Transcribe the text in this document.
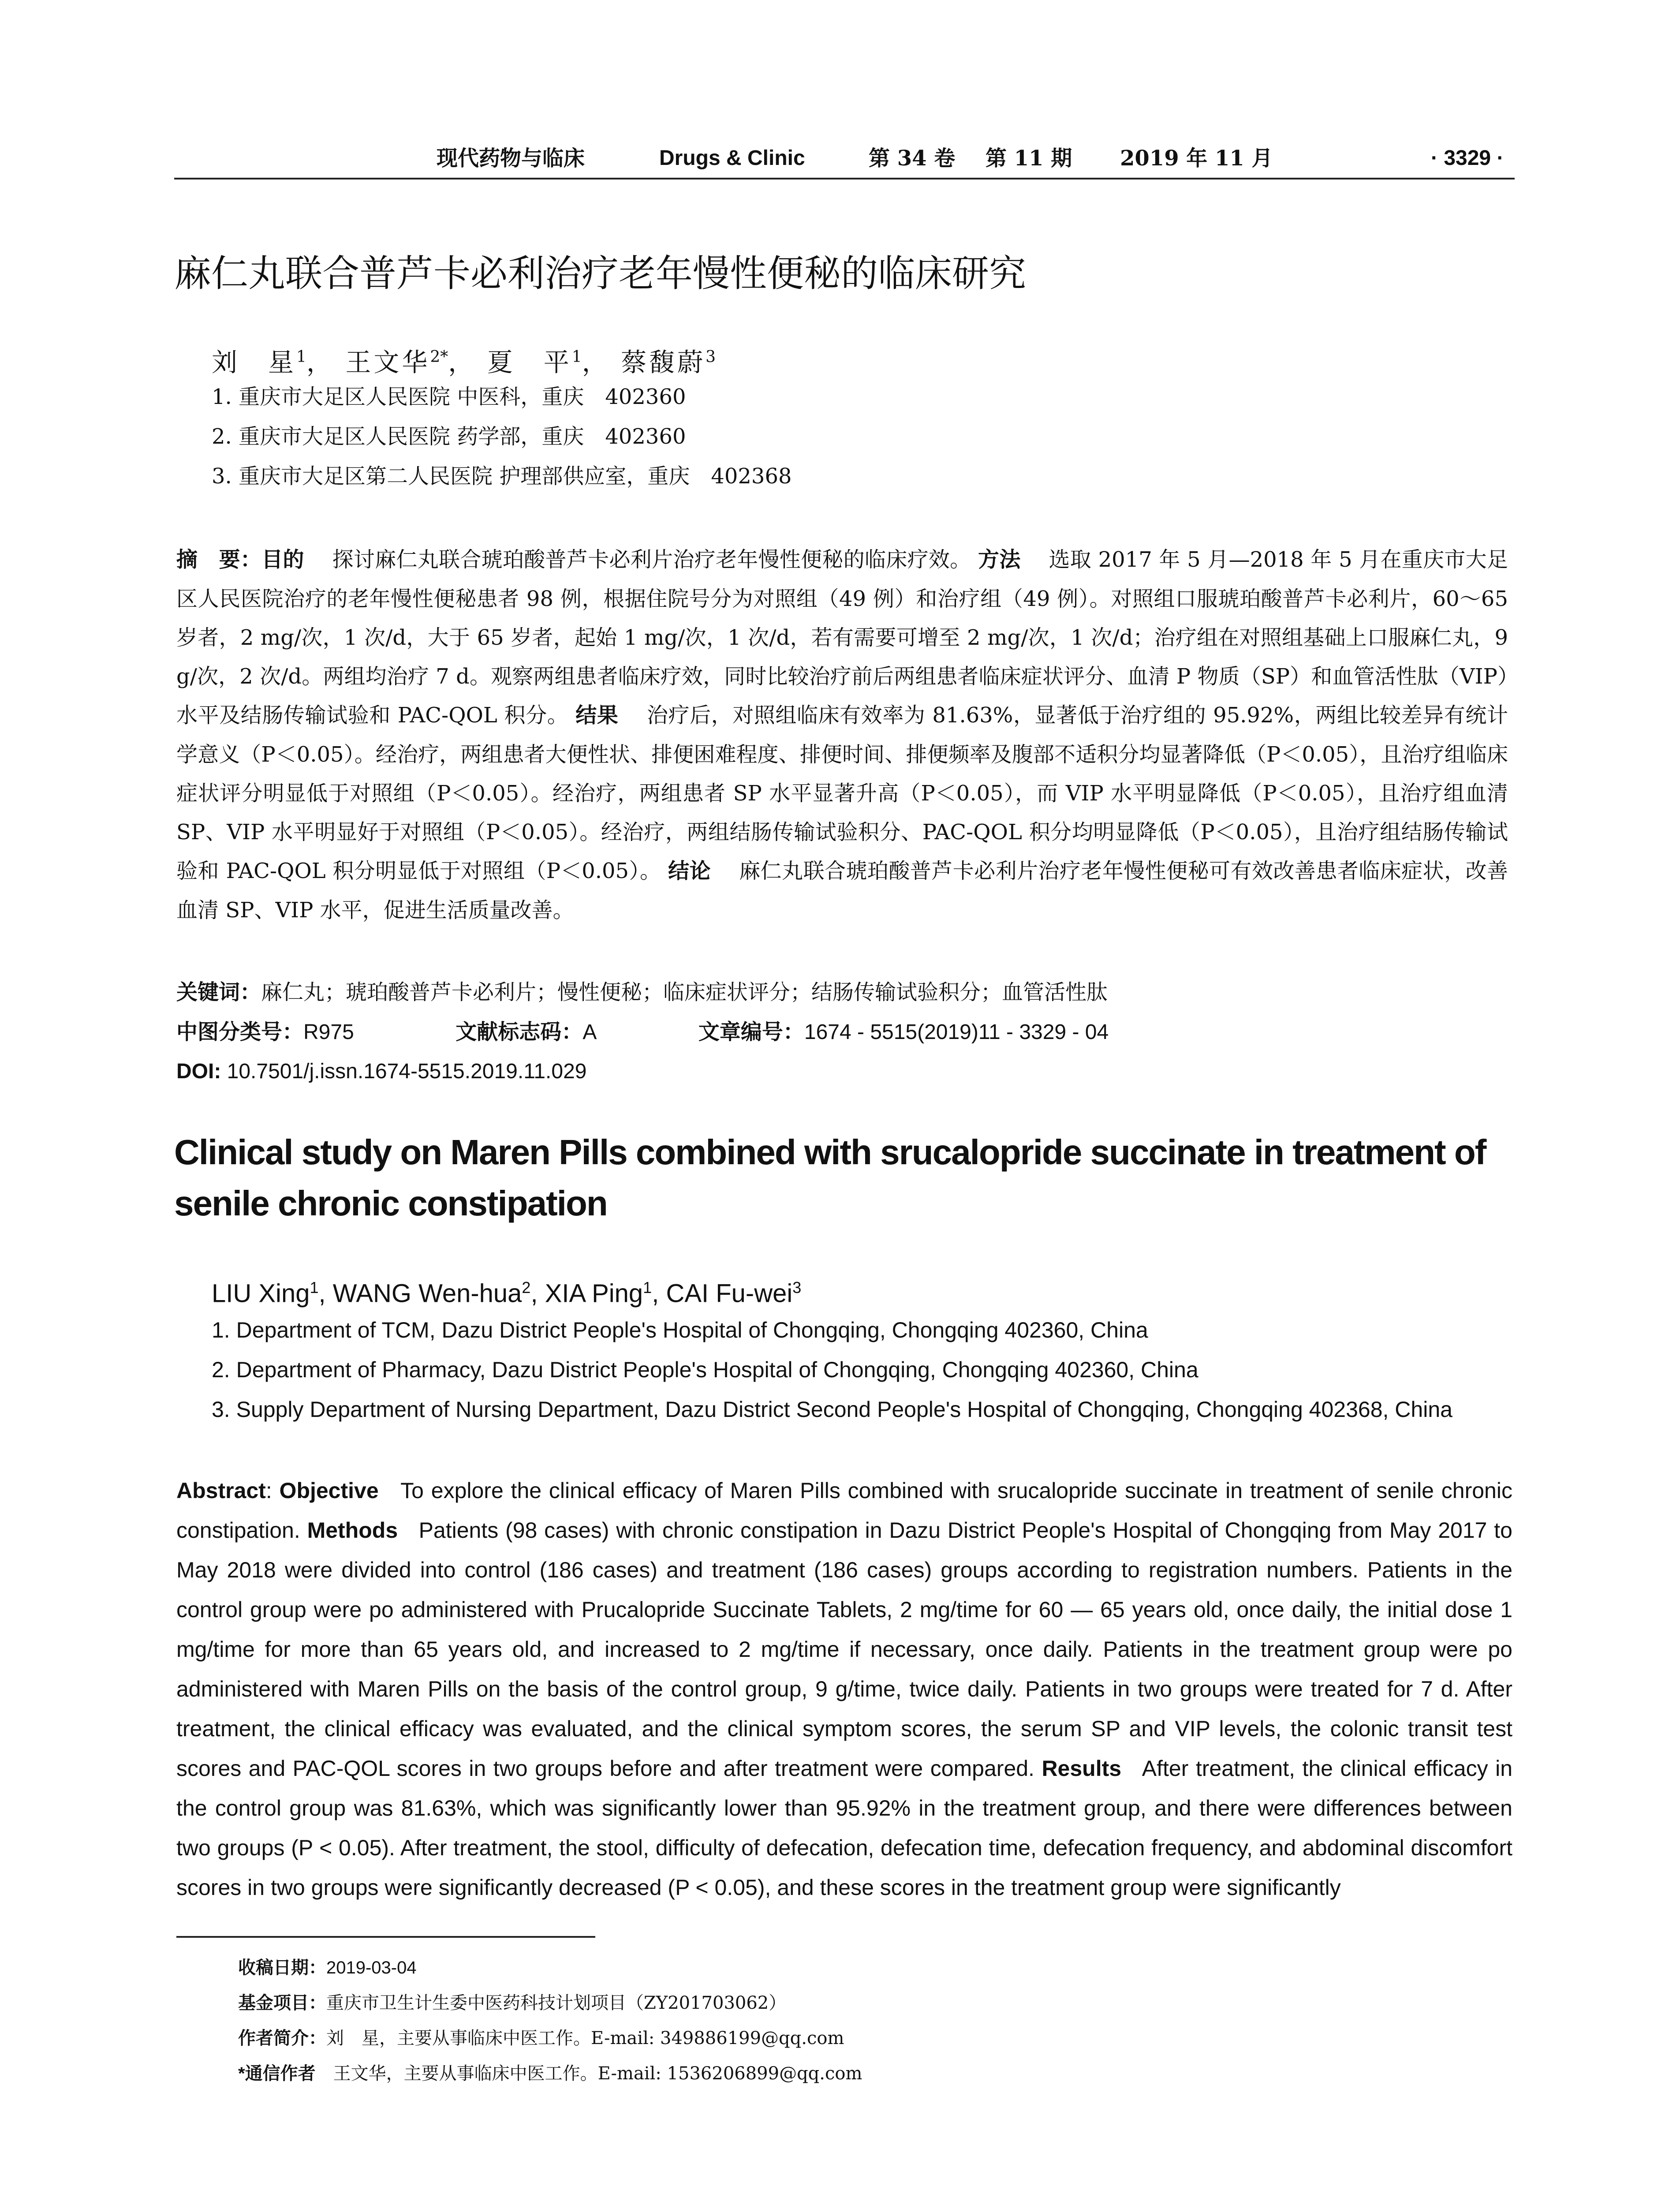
现代药物与临床	Drugs & Clinic	第 34 卷 第 11 期 2019 年 11 月	· 3329 ·
麻仁丸联合普芦卡必利治疗老年慢性便秘的临床研究
刘　星$^1$， 王文华$^{2*}$， 夏　平$^1$， 蔡馥蔚$^3$
1. 重庆市大足区人民医院 中医科，重庆　402360
2. 重庆市大足区人民医院 药学部，重庆　402360
3. 重庆市大足区第二人民医院 护理部供应室，重庆　402368
摘　要：目的　 探讨麻仁丸联合琥珀酸普芦卡必利片治疗老年慢性便秘的临床疗效。 方法　 选取 2017 年 5 月—2018 年 5 月在重庆市大足区人民医院治疗的老年慢性便秘患者 98 例，根据住院号分为对照组（49 例）和治疗组（49 例）。对照组口服琥珀酸普芦卡必利片，60～65 岁者，2 mg/次，1 次/d，大于 65 岁者，起始 1 mg/次，1 次/d，若有需要可增至 2 mg/次，1 次/d；治疗组在对照组基础上口服麻仁丸，9 g/次，2 次/d。两组均治疗 7 d。观察两组患者临床疗效，同时比较治疗前后两组患者临床症状评分、血清 P 物质（SP）和血管活性肽（VIP）水平及结肠传输试验和 PAC-QOL 积分。 结果　 治疗后，对照组临床有效率为 81.63%，显著低于治疗组的 95.92%，两组比较差异有统计学意义（P＜0.05）。经治疗，两组患者大便性状、排便困难程度、排便时间、排便频率及腹部不适积分均显著降低（P＜0.05），且治疗组临床症状评分明显低于对照组（P＜0.05）。经治疗，两组患者 SP 水平显著升高（P＜0.05），而 VIP 水平明显降低（P＜0.05），且治疗组血清 SP、VIP 水平明显好于对照组（P＜0.05）。经治疗，两组结肠传输试验积分、PAC-QOL 积分均明显降低（P＜0.05），且治疗组结肠传输试验和 PAC-QOL 积分明显低于对照组（P＜0.05）。 结论　 麻仁丸联合琥珀酸普芦卡必利片治疗老年慢性便秘可有效改善患者临床症状，改善血清 SP、VIP 水平，促进生活质量改善。
关键词：麻仁丸；琥珀酸普芦卡必利片；慢性便秘；临床症状评分；结肠传输试验积分；血管活性肽
中图分类号：R975	文献标志码：A	文章编号：1674 - 5515(2019)11 - 3329 - 04
DOI: 10.7501/j.issn.1674-5515.2019.11.029
Clinical study on Maren Pills combined with srucalopride succinate in treatment of senile chronic constipation
LIU Xing$^1$, WANG Wen-hua$^2$, XIA Ping$^1$, CAI Fu-wei$^3$
1. Department of TCM, Dazu District People's Hospital of Chongqing, Chongqing 402360, China
2. Department of Pharmacy, Dazu District People's Hospital of Chongqing, Chongqing 402360, China
3. Supply Department of Nursing Department, Dazu District Second People's Hospital of Chongqing, Chongqing 402368, China
Abstract: Objective To explore the clinical efficacy of Maren Pills combined with srucalopride succinate in treatment of senile chronic constipation. Methods Patients (98 cases) with chronic constipation in Dazu District People's Hospital of Chongqing from May 2017 to May 2018 were divided into control (186 cases) and treatment (186 cases) groups according to registration numbers. Patients in the control group were po administered with Prucalopride Succinate Tablets, 2 mg/time for 60 — 65 years old, once daily, the initial dose 1 mg/time for more than 65 years old, and increased to 2 mg/time if necessary, once daily. Patients in the treatment group were po administered with Maren Pills on the basis of the control group, 9 g/time, twice daily. Patients in two groups were treated for 7 d. After treatment, the clinical efficacy was evaluated, and the clinical symptom scores, the serum SP and VIP levels, the colonic transit test scores and PAC-QOL scores in two groups before and after treatment were compared. Results After treatment, the clinical efficacy in the control group was 81.63%, which was significantly lower than 95.92% in the treatment group, and there were differences between two groups (P < 0.05). After treatment, the stool, difficulty of defecation, defecation time, defecation frequency, and abdominal discomfort scores in two groups were significantly decreased (P < 0.05), and these scores in the treatment group were significantly
收稿日期：2019-03-04
基金项目：重庆市卫生计生委中医药科技计划项目（ZY201703062）
作者简介：刘　星，主要从事临床中医工作。E-mail: 349886199@qq.com
*通信作者　王文华，主要从事临床中医工作。E-mail: 1536206899@qq.com
